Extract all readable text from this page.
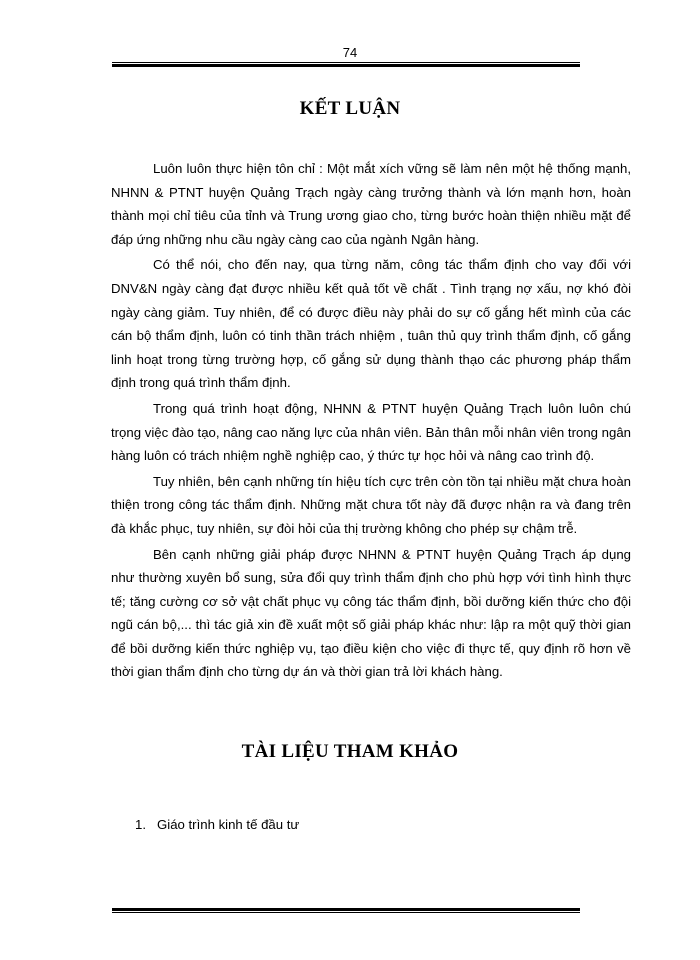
74
KẾT LUẬN

Luôn luôn thực hiện tôn chỉ : Một mắt xích vững sẽ làm nên một hệ thống mạnh, NHNN & PTNT huyện Quảng Trạch ngày càng trưởng thành và lớn mạnh hơn, hoàn thành mọi chỉ tiêu của tỉnh và Trung ương giao cho, từng bước hoàn thiện nhiều mặt để đáp ứng những nhu cầu ngày càng cao của ngành Ngân hàng.

Có thể nói, cho đến nay, qua từng năm, công tác thẩm định cho vay đối với DNV&N ngày càng đạt được nhiều kết quả tốt về chất . Tình trạng nợ xấu, nợ khó đòi ngày càng giảm. Tuy nhiên, để có được điều này phải do sự cố gắng hết mình của các cán bộ thẩm định, luôn có tinh thần trách nhiệm , tuân thủ quy trình thẩm định, cố gắng linh hoạt trong từng trường hợp, cố gắng sử dụng thành thạo các phương pháp thẩm định trong quá trình thẩm định.

Trong quá trình hoạt động, NHNN & PTNT huyện Quảng Trạch luôn luôn chú trọng việc đào tạo, nâng cao năng lực của nhân viên. Bản thân mỗi nhân viên trong ngân hàng luôn có trách nhiệm nghề nghiệp cao, ý thức tự học hỏi và nâng cao trình độ.

Tuy nhiên, bên cạnh những tín hiệu tích cực trên còn tồn tại nhiều mặt chưa hoàn thiện trong công tác thẩm định. Những mặt chưa tốt này đã được nhận ra và đang trên đà khắc phục, tuy nhiên, sự đòi hỏi của thị trường không cho phép sự chậm trễ.

Bên cạnh những giải pháp được NHNN & PTNT huyện Quảng Trạch áp dụng như thường xuyên bổ sung, sửa đổi quy trình thẩm định cho phù hợp với tình hình thực tế; tăng cường cơ sở vật chất phục vụ công tác thẩm định, bồi dưỡng kiến thức cho đội ngũ cán bộ,... thì tác giả xin đề xuất một số giải pháp khác như: lập ra một quỹ thời gian để bồi dưỡng kiến thức nghiệp vụ, tạo điều kiện cho việc đi thực tế, quy định rõ hơn về thời gian thẩm định cho từng dự án và thời gian trả lời khách hàng.

TÀI LIỆU THAM KHẢO
1. Giáo trình kinh tế đầu tư
